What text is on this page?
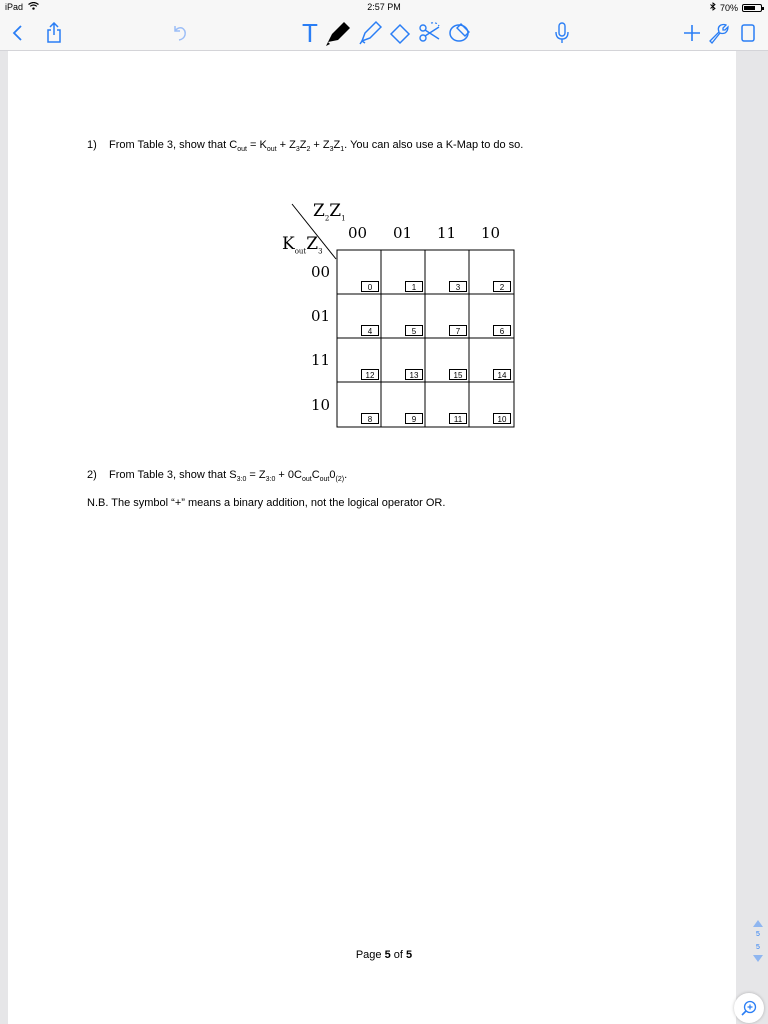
iPad	2:57 PM	70%
T
1) From Table 3, show that $C_{out} = K_{out} + Z_3Z_2 + Z_3Z_1$. You can also use a K-Map to do so.
$Z_2Z_1$
$K_{out}Z_3$
00 01 11 10
00
01
11
10
0	1	3	2
4	5	7	6
12	13	15	14
8	9	11	10
2) From Table 3, show that $S_{3:0} = Z_{3:0} + 0C_{out}C_{out}0_{(2)}$.
N.B. The symbol “+” means a binary addition, not the logical operator OR.
Page 5 of 5
5
5
